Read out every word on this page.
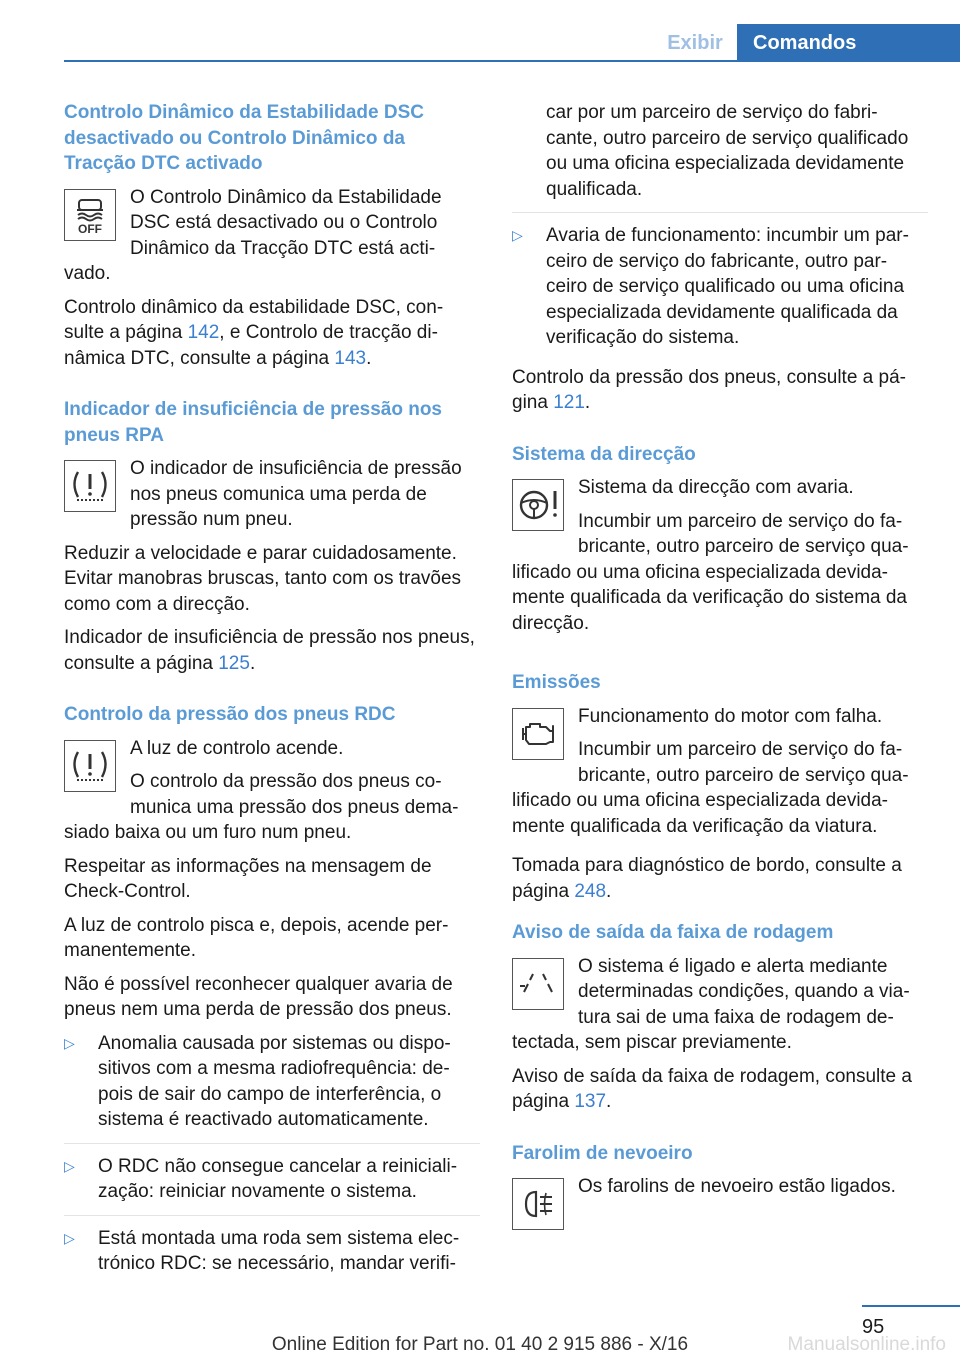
Exibir	Comandos
Controlo Dinâmico da Estabilidade DSC desactivado ou Controlo Dinâmico da Tracção DTC activado
OFF

O Controlo Dinâmico da Estabilidade DSC está desactivado ou o Controlo Dinâmico da Tracção DTC está acti-vado.

Controlo dinâmico da estabilidade DSC, con-sulte a página 142, e Controlo de tracção di-nâmica DTC, consulte a página 143.

Indicador de insuficiência de pressão nos pneus RPA

O indicador de insuficiência de pressão nos pneus comunica uma perda de pressão num pneu.

Reduzir a velocidade e parar cuidadosamente. Evitar manobras bruscas, tanto com os travões como com a direcção.

Indicador de insuficiência de pressão nos pneus, consulte a página 125.

Controlo da pressão dos pneus RDC

A luz de controlo acende.

O controlo da pressão dos pneus co-munica uma pressão dos pneus dema-siado baixa ou um furo num pneu.

Respeitar as informações na mensagem de Check-Control.

A luz de controlo pisca e, depois, acende per-manentemente.

Não é possível reconhecer qualquer avaria de pneus nem uma perda de pressão dos pneus.

▷ Anomalia causada por sistemas ou dispo-sitivos com a mesma radiofrequência: de-pois de sair do campo de interferência, o sistema é reactivado automaticamente.
▷ O RDC não consegue cancelar a reiniciali-zação: reiniciar novamente o sistema.
▷ Está montada uma roda sem sistema elec-trónico RDC: se necessário, mandar verifi-
car por um parceiro de serviço do fabri-cante, outro parceiro de serviço qualificado ou uma oficina especializada devidamente qualificada.
▷ Avaria de funcionamento: incumbir um par-ceiro de serviço do fabricante, outro par-ceiro de serviço qualificado ou uma oficina especializada devidamente qualificada da verificação do sistema.

Controlo da pressão dos pneus, consulte a pá-gina 121.

Sistema da direcção

Sistema da direcção com avaria.

Incumbir um parceiro de serviço do fa-bricante, outro parceiro de serviço qua-lificado ou uma oficina especializada devida-mente qualificada da verificação do sistema da direcção.

Emissões

Funcionamento do motor com falha.

Incumbir um parceiro de serviço do fa-bricante, outro parceiro de serviço qua-lificado ou uma oficina especializada devida-mente qualificada da verificação da viatura.

Tomada para diagnóstico de bordo, consulte a página 248.

Aviso de saída da faixa de rodagem

O sistema é ligado e alerta mediante determinadas condições, quando a via-tura sai de uma faixa de rodagem de-tectada, sem piscar previamente.

Aviso de saída da faixa de rodagem, consulte a página 137.

Farolim de nevoeiro

Os farolins de nevoeiro estão ligados.

95
Online Edition for Part no. 01 40 2 915 886 - X/16	Manualsonline.info
